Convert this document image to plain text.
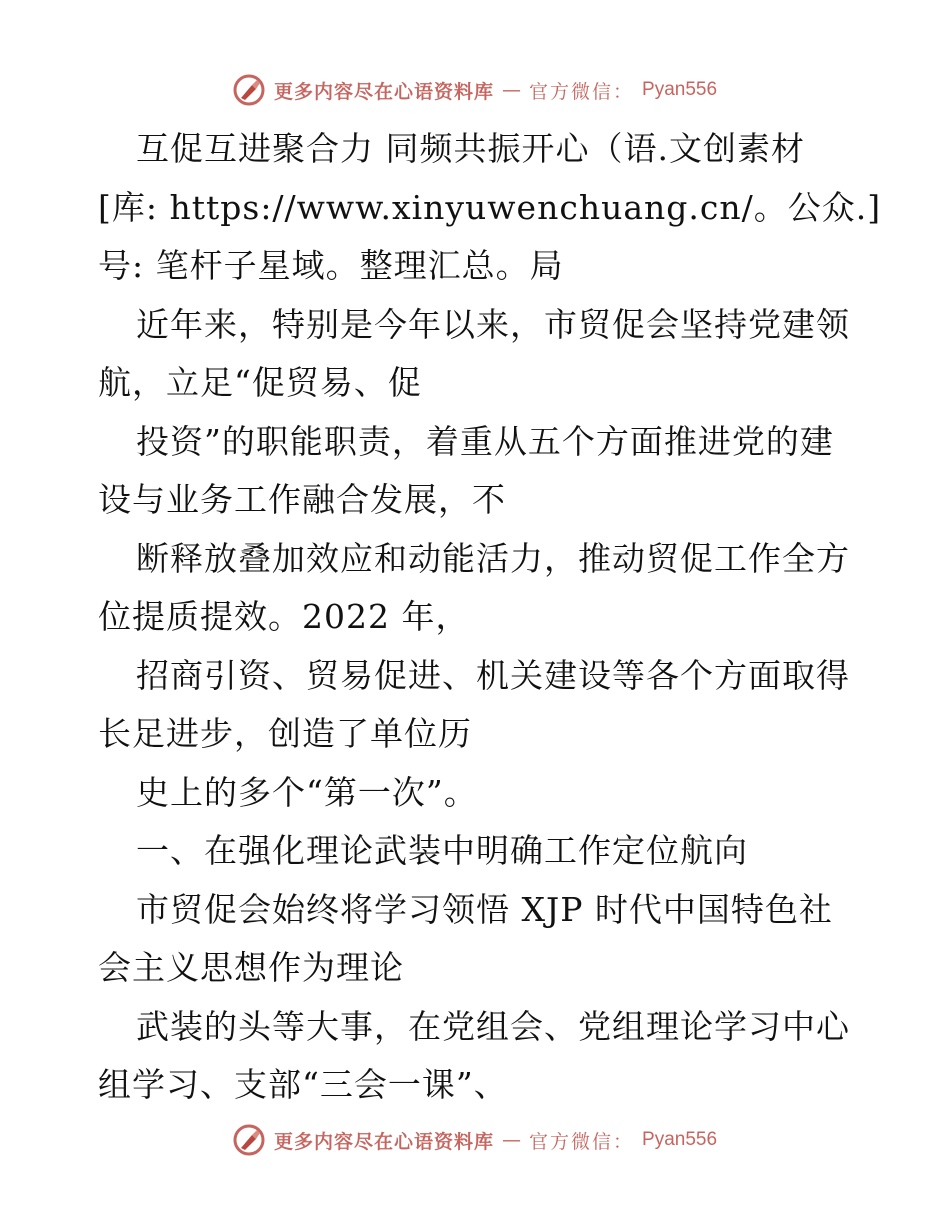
更多内容尽在心语资料库 — 官方微信： Pyan556
互促互进聚合力 同频共振开心（语.文创素材
[库: https://www.xinyuwenchuang.cn/。公众.]
号: 笔杆子星域。整理汇总。局
近年来，特别是今年以来，市贸促会坚持党建领
航，立足“促贸易、促
投资”的职能职责，着重从五个方面推进党的建
设与业务工作融合发展，不
断释放叠加效应和动能活力，推动贸促工作全方
位提质提效。2022 年，
招商引资、贸易促进、机关建设等各个方面取得
长足进步，创造了单位历
史上的多个“第一次”。
一、在强化理论武装中明确工作定位航向
市贸促会始终将学习领悟 XJP 时代中国特色社
会主义思想作为理论
武装的头等大事，在党组会、党组理论学习中心
组学习、支部“三会一课”、
更多内容尽在心语资料库 — 官方微信： Pyan556
